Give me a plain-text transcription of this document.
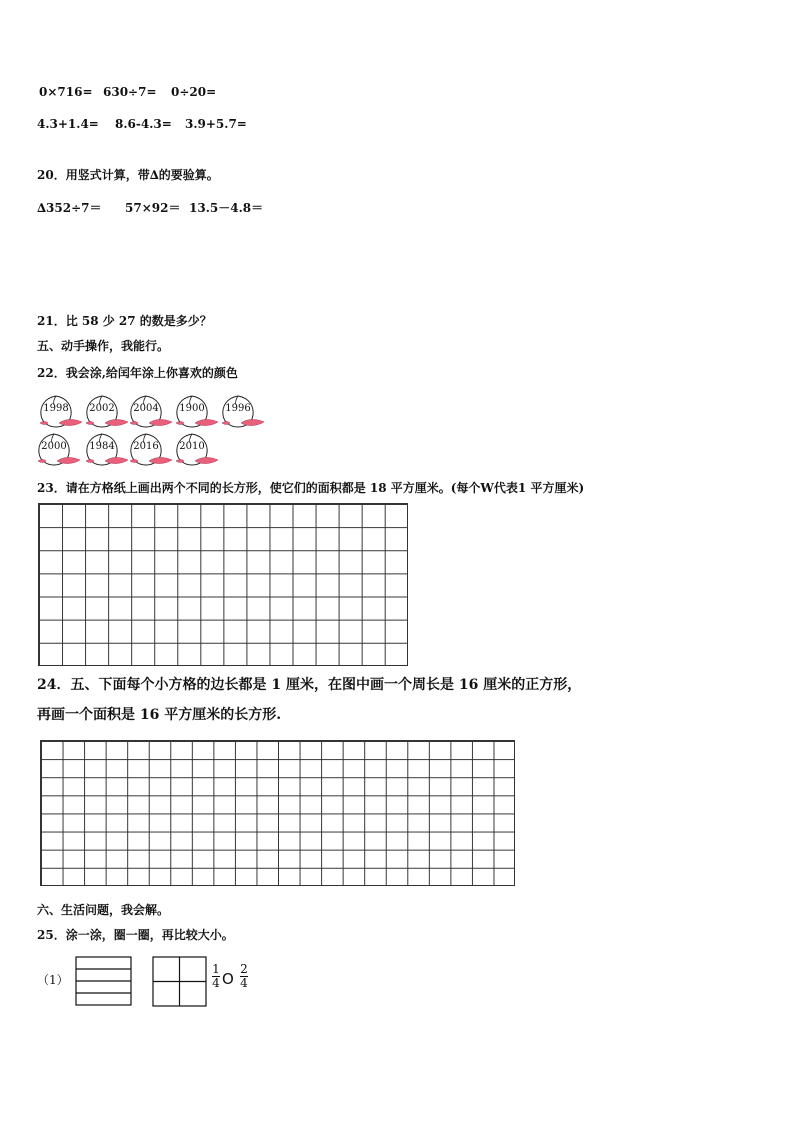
0×716= 630÷7= 0÷20=
4.3+1.4= 8.6-4.3= 3.9+5.7=
20．用竖式计算，带∆的要验算。
∆352÷7＝ 57×92＝ 13.5－4.8＝
21．比 58 少 27 的数是多少？
五、动手操作，我能行。
22．我会涂,给闰年涂上你喜欢的颜色
1998	2002	2004	1900	1996
2000	1984	2016	2010
23．请在方格纸上画出两个不同的长方形，使它们的面积都是 18 平方厘米。(每个W代表1 平方厘米)
24．五、下面每个小方格的边长都是 1 厘米，在图中画一个周长是 16 厘米的正方形，
再画一个面积是 16 平方厘米的长方形.
六、生活问题，我会解。
25．涂一涂，圈一圈，再比较大小。
（1）
1
4 O
2
4
